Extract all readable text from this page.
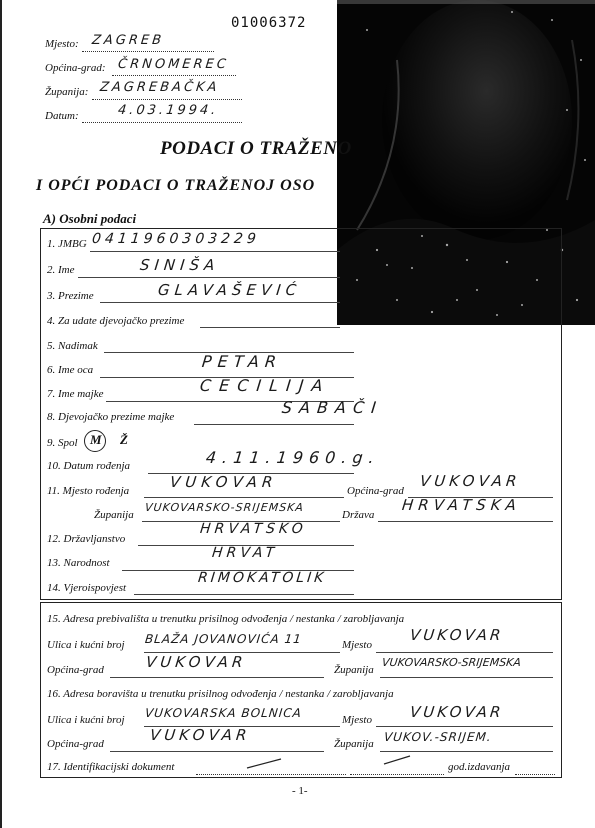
01006372
Mjesto: ZAGREB
Općina-grad: ČRNOMEREC
Županija: ZAGREBAČKA
Datum:	4.03.1994.
PODACI O TRAŽENO
I OPĆI PODACI O TRAŽENOJ OSO
A) Osobni podaci
1. JMBG 0411960303229
2. Ime	SINIŠA
3. Prezime	GLAVAŠEVIĆ
4. Za udate djevojačko prezime
5. Nadimak
6. Ime oca	PETAR
7. Ime majke	CECILIJA
8. Djevojačko prezime majke	SABAČI
9. Spol M Ž
10. Datum rođenja	4.11.1960.g.
11. Mjesto rođenja	VUKOVAR	Općina-grad
VUKOVAR
Županija
VUKOVARSKO-SRIJEMSKA
Država
HRVATSKA
12. Državljanstvo
HRVATSKO
13. Narodnost
HRVAT
14. Vjeroispovjest
RIMOKATOLIK
15. Adresa prebivališta u trenutku prisilnog odvođenja / nestanka / zarobljavanja
Ulica i kućni broj BLAŽA JOVANOVIĆA 11	Mjesto
VUKOVAR
Općina-grad	VUKOVAR	Županija
VUKOVARSKO-SRIJEMSKA
16. Adresa boravišta u trenutku prisilnog odvođenja / nestanka / zarobljavanja
Ulica i kućni broj VUKOVARSKA BOLNICA	Mjesto VUKOVAR
Općina-grad	VUKOVAR	Županija VUKOV.-SRIJEM.
17. Identifikacijski dokument	god.izdavanja
- 1-
